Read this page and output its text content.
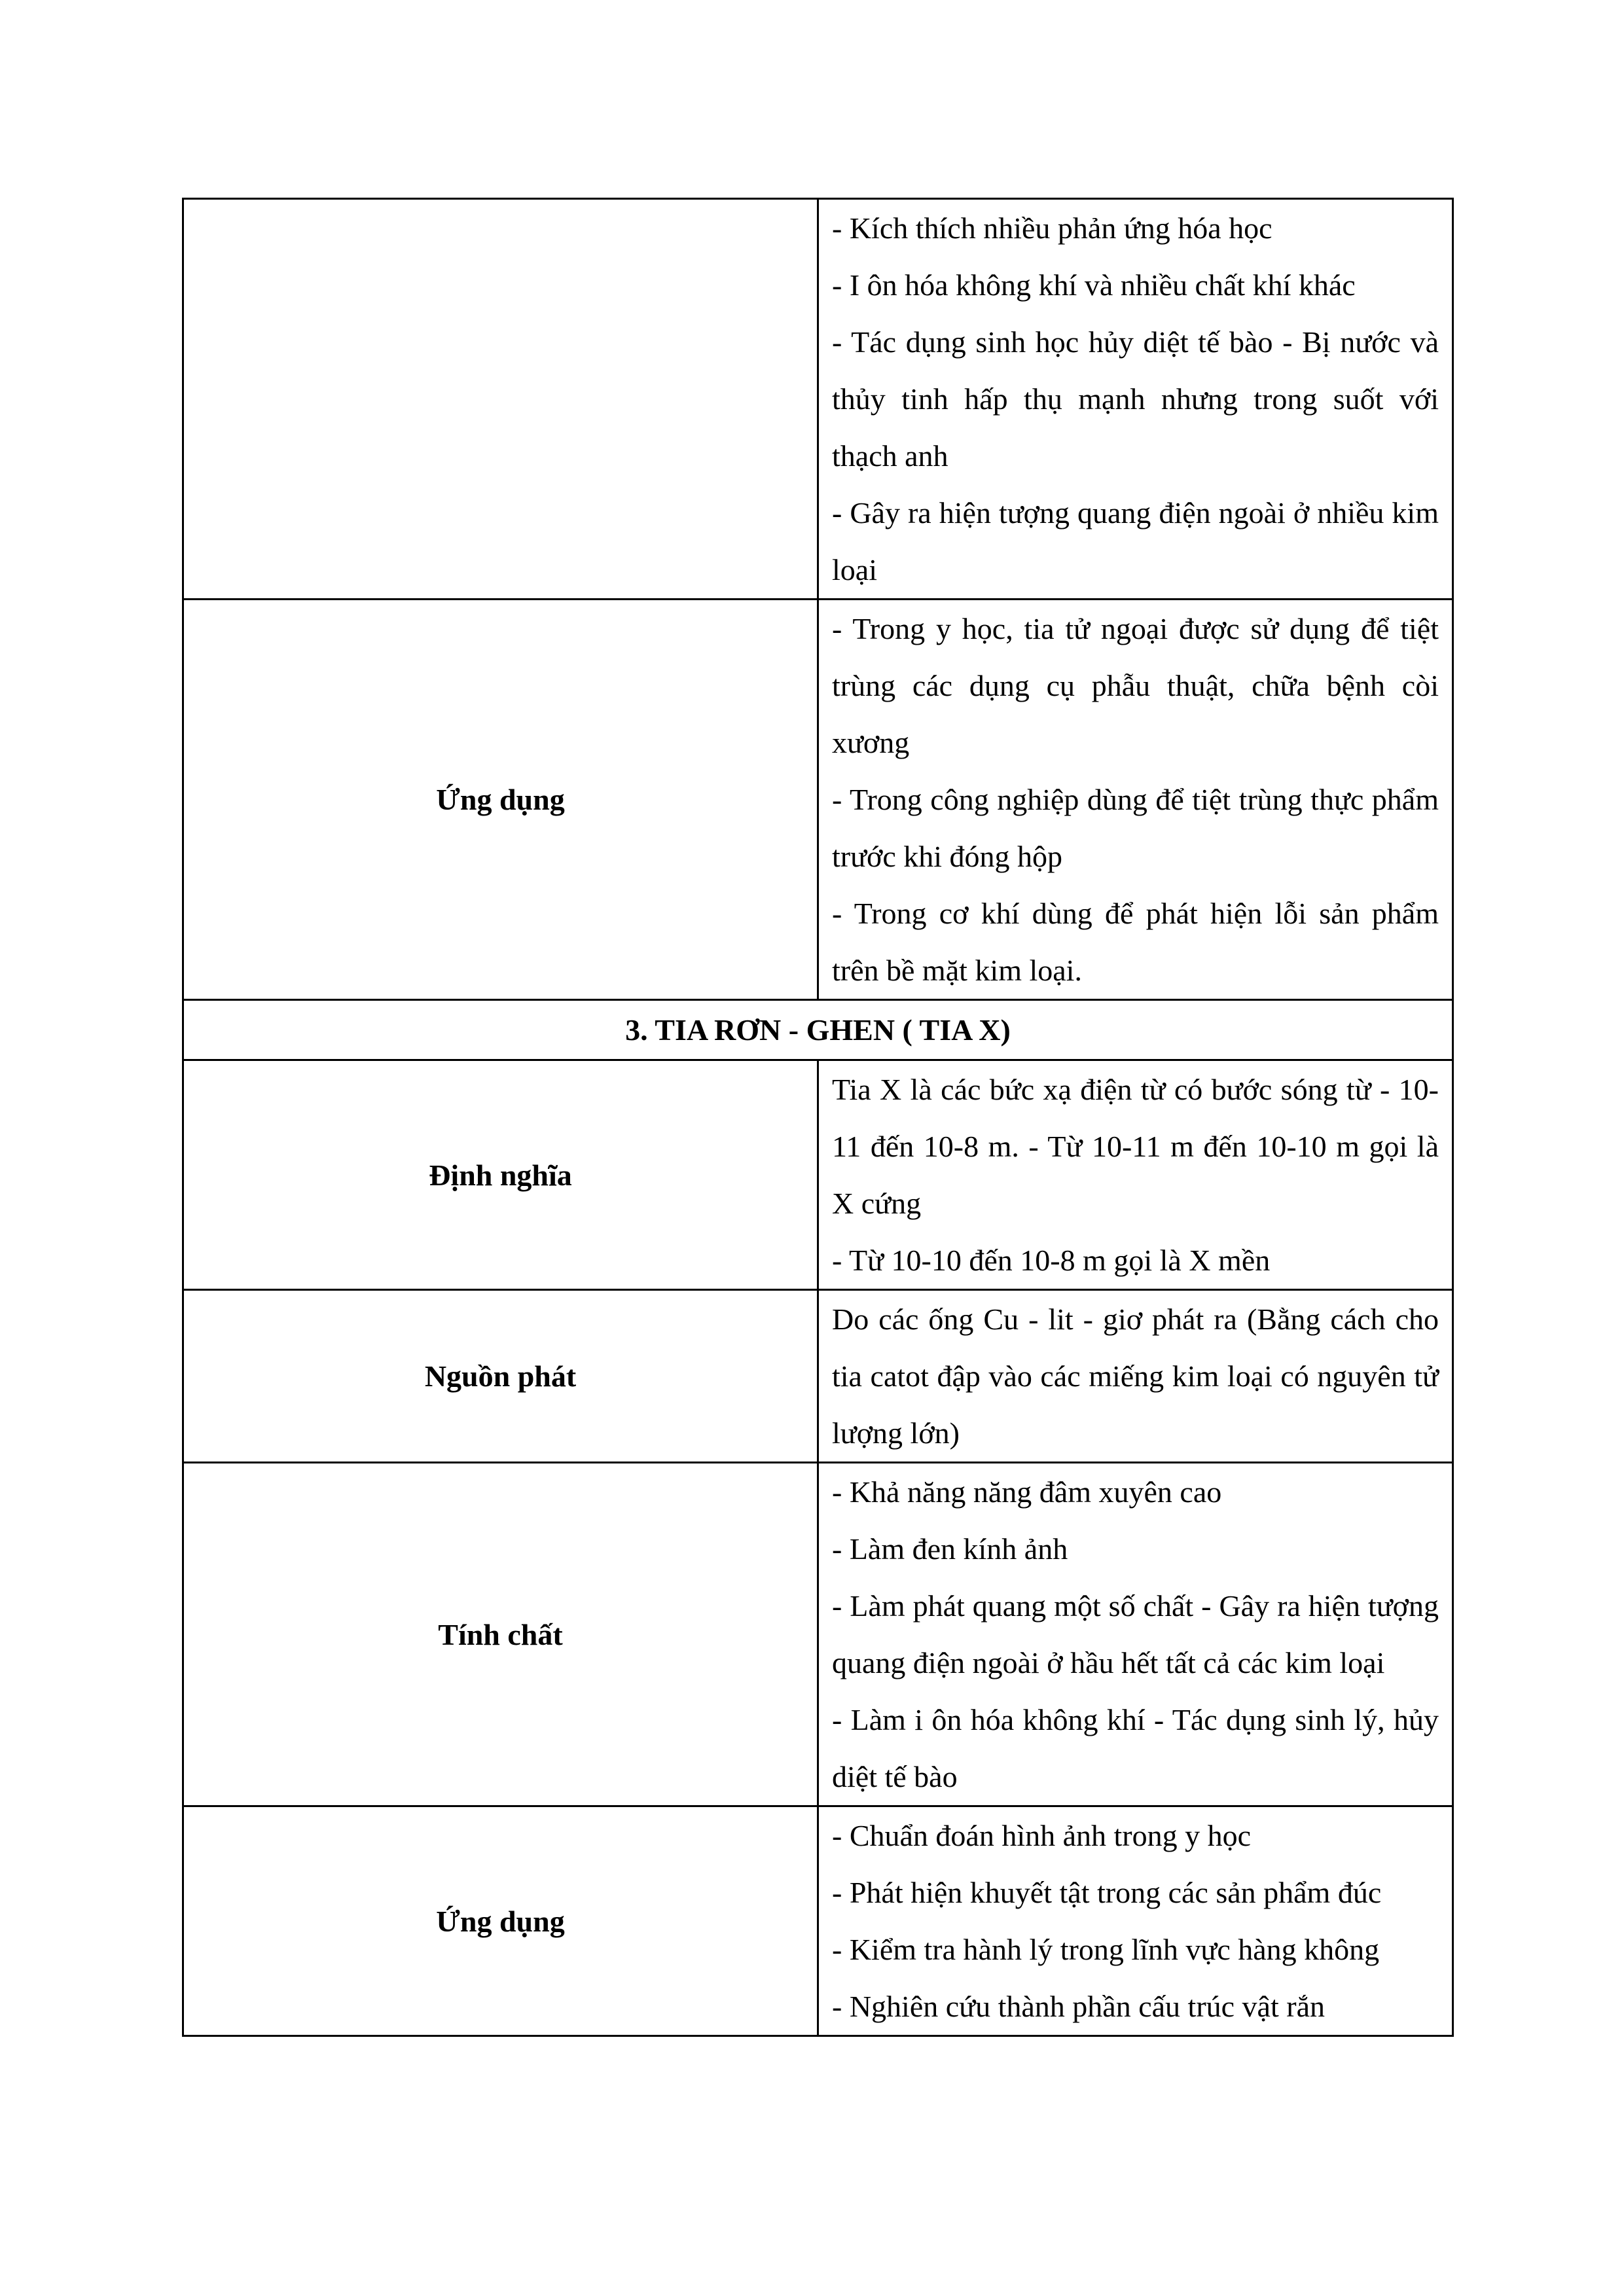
	- Kích thích nhiều phản ứng hóa học
- I ôn hóa không khí và nhiều chất khí khác
- Tác dụng sinh học hủy diệt tế bào - Bị nước và thủy tinh hấp thụ mạnh nhưng trong suốt với thạch anh
- Gây ra hiện tượng quang điện ngoài ở nhiều kim loại

Ứng dụng	- Trong y học, tia tử ngoại được sử dụng để tiệt trùng các dụng cụ phẫu thuật, chữa bệnh còi xương
- Trong công nghiệp dùng để tiệt trùng thực phẩm trước khi đóng hộp
- Trong cơ khí dùng để phát hiện lỗi sản phẩm trên bề mặt kim loại.

3. TIA RƠN - GHEN ( TIA X)	
Định nghĩa	Tia X là các bức xạ điện từ có bước sóng từ - 10-11 đến 10-8 m. - Từ 10-11 m đến 10-10 m gọi là X cứng
- Từ 10-10 đến 10-8 m gọi là X mền

Nguồn phát	Do các ống Cu - lit - giơ phát ra (Bằng cách cho tia catot đập vào các miếng kim loại có nguyên tử lượng lớn)

Tính chất	- Khả năng năng đâm xuyên cao
- Làm đen kính ảnh
- Làm phát quang một số chất - Gây ra hiện tượng quang điện ngoài ở hầu hết tất cả các kim loại
- Làm i ôn hóa không khí - Tác dụng sinh lý, hủy diệt tế bào

Ứng dụng	- Chuẩn đoán hình ảnh trong y học
- Phát hiện khuyết tật trong các sản phẩm đúc
- Kiểm tra hành lý trong lĩnh vực hàng không
- Nghiên cứu thành phần cấu trúc vật rắn
